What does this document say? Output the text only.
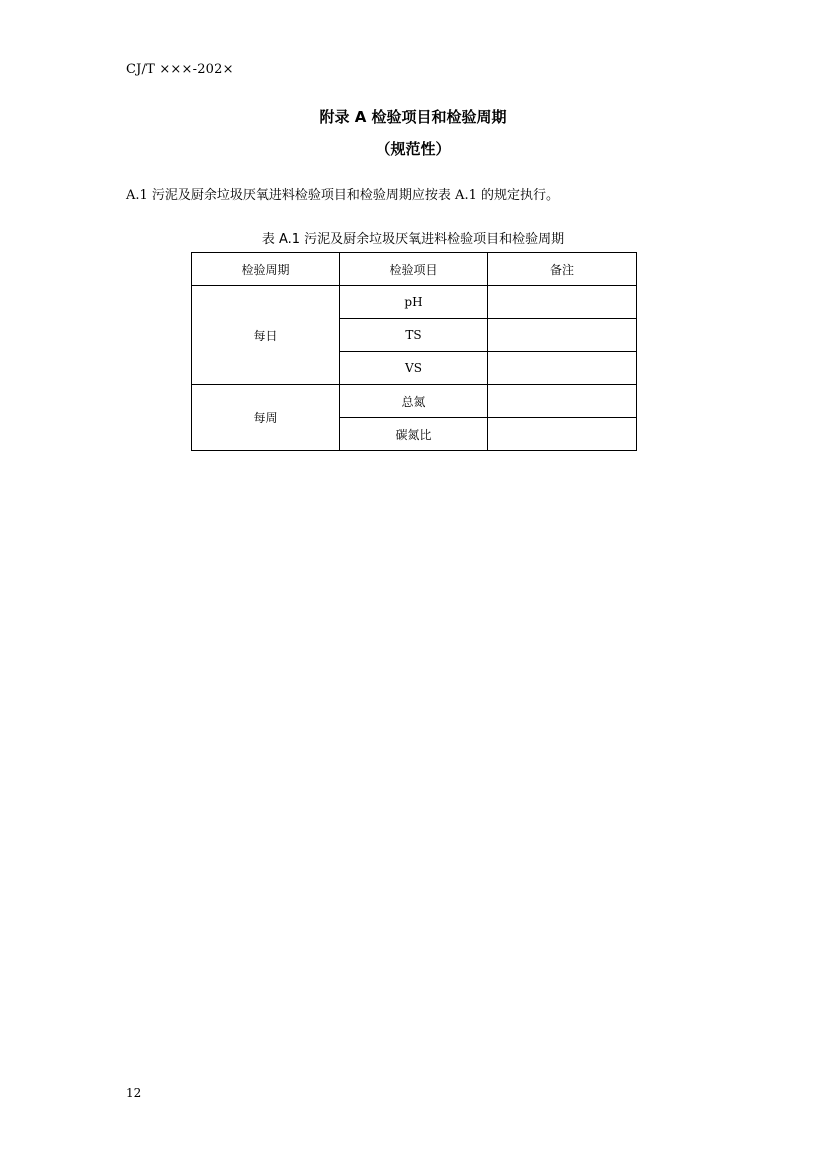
CJ/T ×××-202×
附录 A 检验项目和检验周期
（规范性）
A.1 污泥及厨余垃圾厌氧进料检验项目和检验周期应按表 A.1 的规定执行。
表 A.1 污泥及厨余垃圾厌氧进料检验项目和检验周期
检验周期	检验项目	备注
每日	pH	
	TS	
	VS	
每周	总氮	
	碳氮比	
12
